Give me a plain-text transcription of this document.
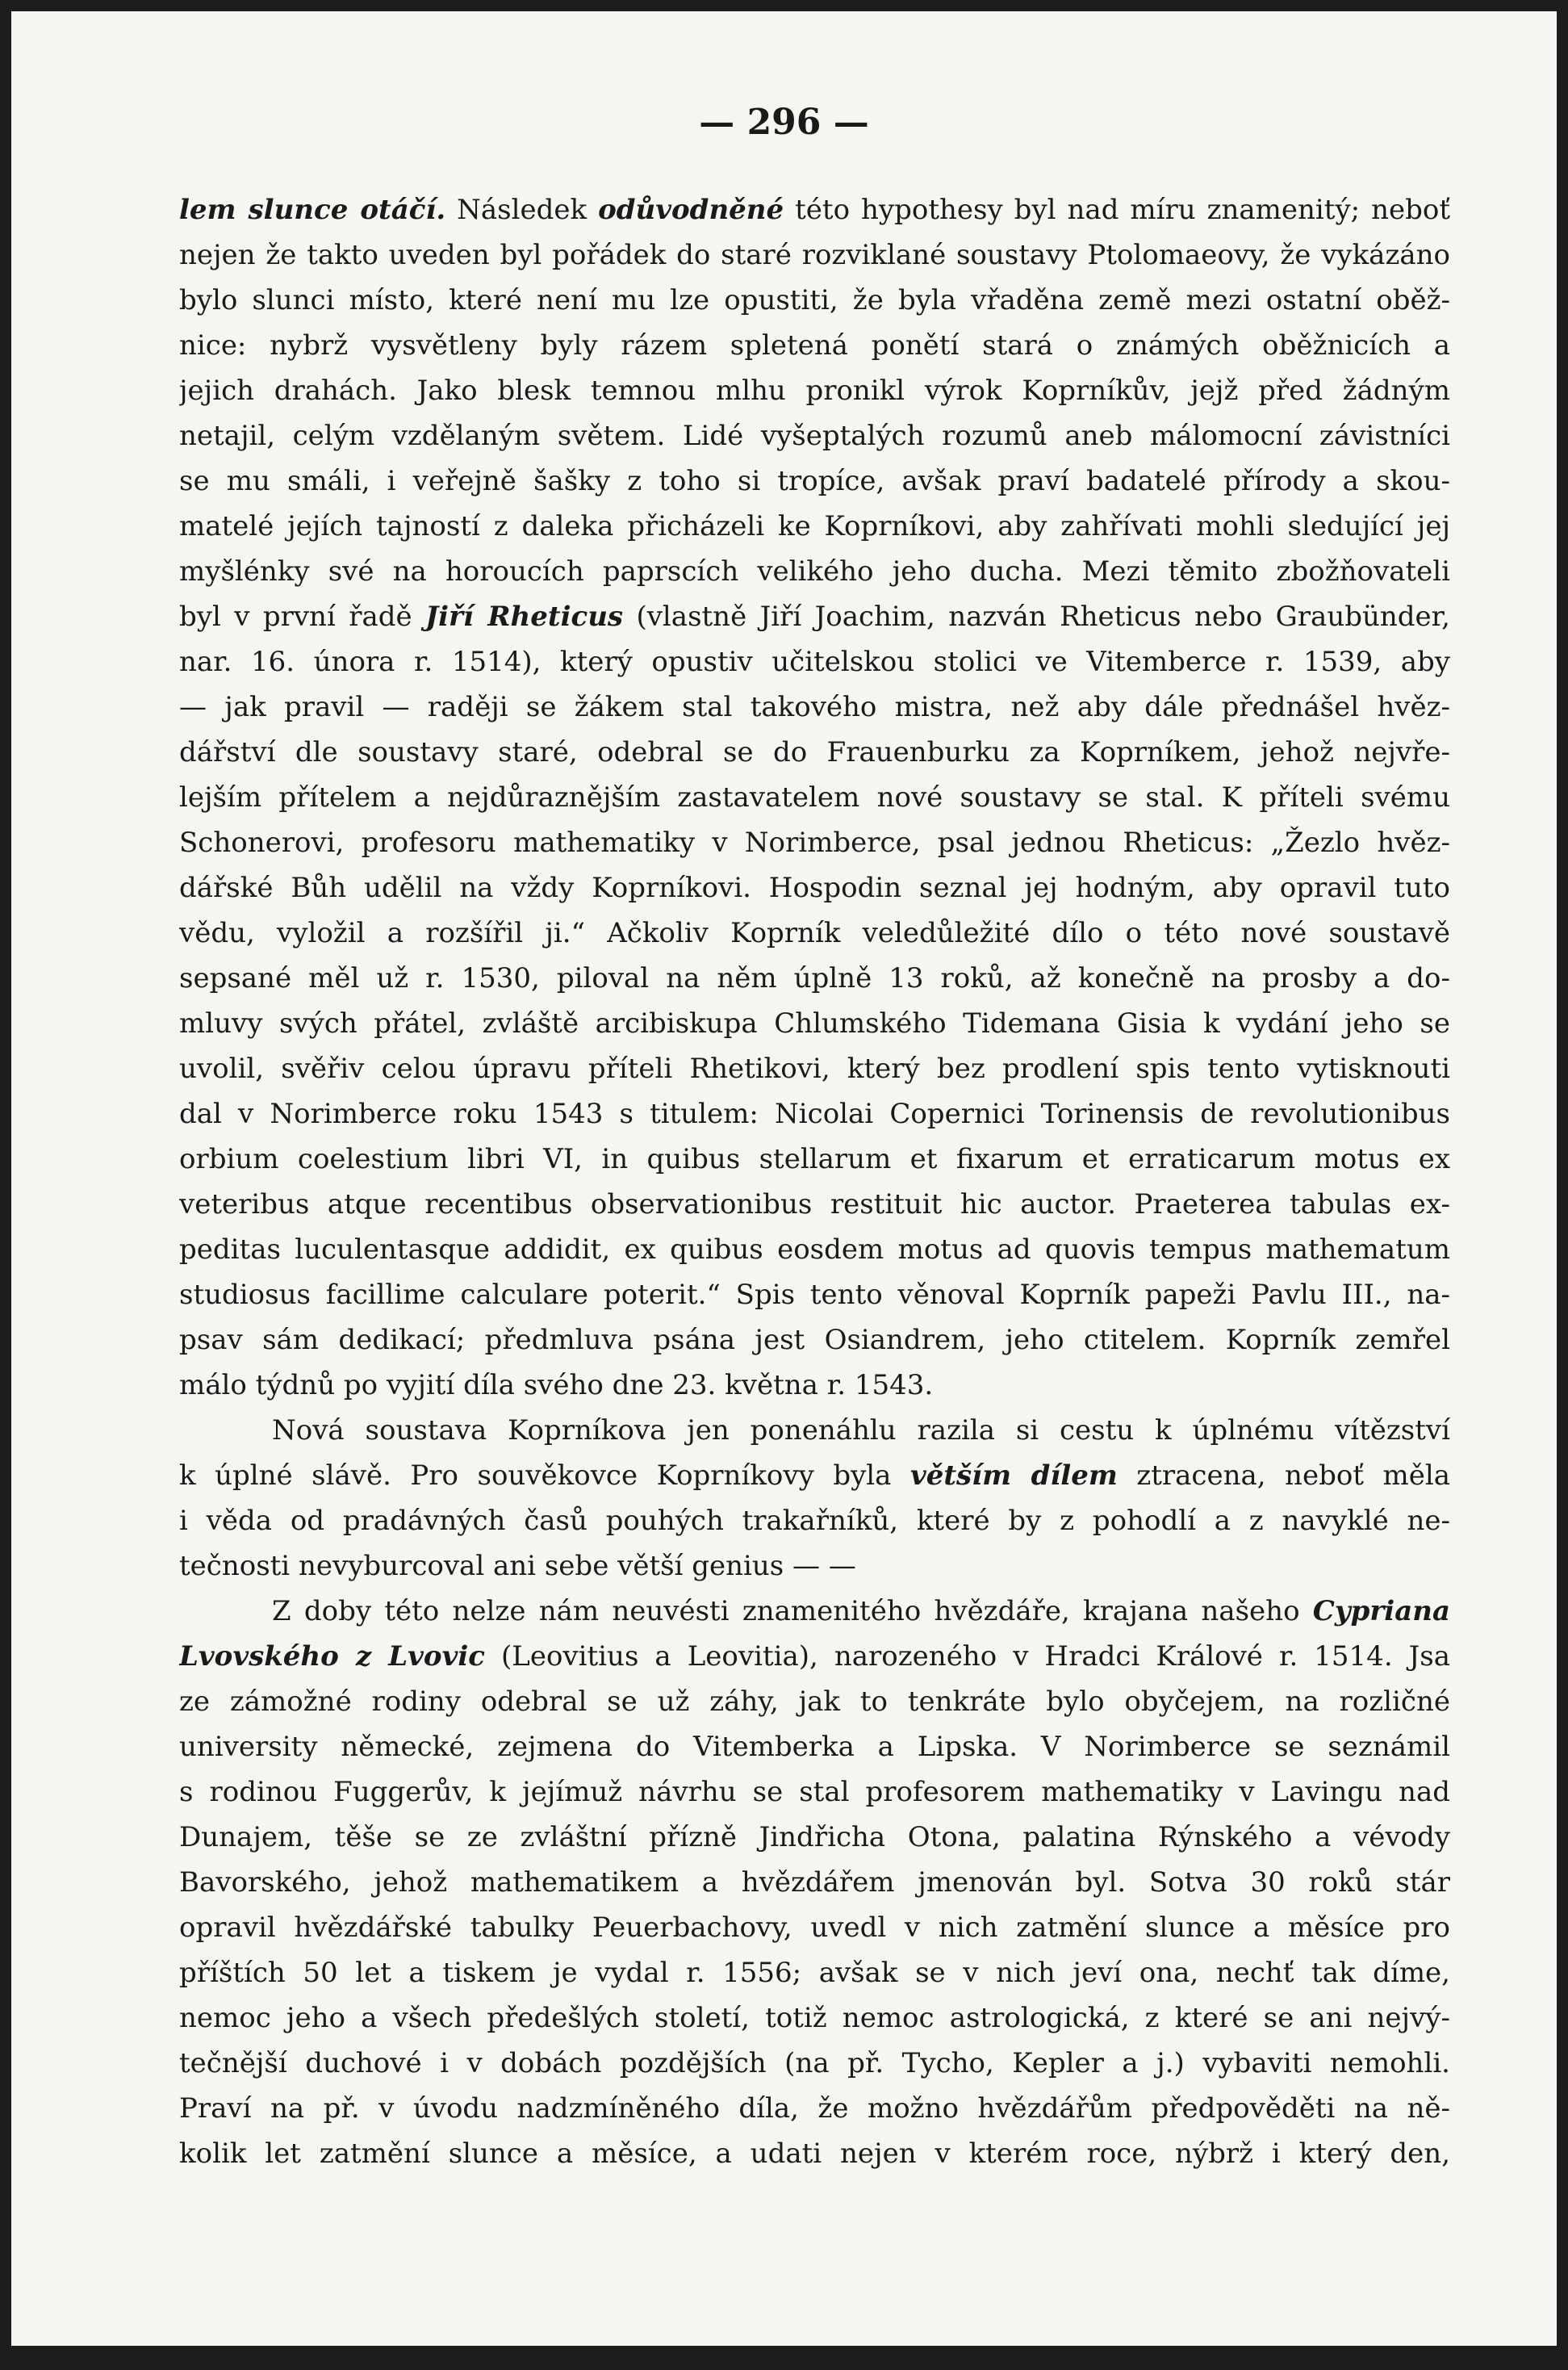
— 296 —
lem slunce otáčí. Následek odůvodněné této hypothesy byl nad míru znamenitý; neboť
nejen že takto uveden byl pořádek do staré rozviklané soustavy Ptolomaeovy, že vykázáno
bylo slunci místo, které není mu lze opustiti, že byla vřaděna země mezi ostatní oběž-
nice: nybrž vysvětleny byly rázem spletená ponětí stará o známých oběžnicích a
jejich drahách. Jako blesk temnou mlhu pronikl výrok Koprníkův, jejž před žádným
netajil, celým vzdělaným světem. Lidé vyšeptalých rozumů aneb málomocní závistníci
se mu smáli, i veřejně šašky z toho si tropíce, avšak praví badatelé přírody a skou-
matelé jejích tajností z daleka přicházeli ke Koprníkovi, aby zahřívati mohli sledující jej
myšlénky své na horoucích paprscích velikého jeho ducha. Mezi těmito zbožňovateli
byl v první řadě Jiří Rheticus (vlastně Jiří Joachim, nazván Rheticus nebo Graubünder,
nar. 16. února r. 1514), který opustiv učitelskou stolici ve Vitemberce r. 1539, aby
— jak pravil — raději se žákem stal takového mistra, než aby dále přednášel hvěz-
dářství dle soustavy staré, odebral se do Frauenburku za Koprníkem, jehož nejvře-
lejším přítelem a nejdůraznějším zastavatelem nové soustavy se stal. K příteli svému
Schonerovi, profesoru mathematiky v Norimberce, psal jednou Rheticus: „Žezlo hvěz-
dářské Bůh udělil na vždy Koprníkovi. Hospodin seznal jej hodným, aby opravil tuto
vědu, vyložil a rozšířil ji.“ Ačkoliv Koprník veledůležité dílo o této nové soustavě
sepsané měl už r. 1530, piloval na něm úplně 13 roků, až konečně na prosby a do-
mluvy svých přátel, zvláště arcibiskupa Chlumského Tidemana Gisia k vydání jeho se
uvolil, svěřiv celou úpravu příteli Rhetikovi, který bez prodlení spis tento vytisknouti
dal v Norimberce roku 1543 s titulem: Nicolai Copernici Torinensis de revolutionibus
orbium coelestium libri VI, in quibus stellarum et fixarum et erraticarum motus ex
veteribus atque recentibus observationibus restituit hic auctor. Praeterea tabulas ex-
peditas luculentasque addidit, ex quibus eosdem motus ad quovis tempus mathematum
studiosus facillime calculare poterit.“ Spis tento věnoval Koprník papeži Pavlu III., na-
psav sám dedikací; předmluva psána jest Osiandrem, jeho ctitelem. Koprník zemřel
málo týdnů po vyjití díla svého dne 23. května r. 1543.
Nová soustava Koprníkova jen ponenáhlu razila si cestu k úplnému vítězství
k úplné slávě. Pro souvěkovce Koprníkovy byla větším dílem ztracena, neboť měla
i věda od pradávných časů pouhých trakařníků, které by z pohodlí a z navyklé ne-
tečnosti nevyburcoval ani sebe větší genius — —
Z doby této nelze nám neuvésti znamenitého hvězdáře, krajana našeho Cypriana
Lvovského z Lvovic (Leovitius a Leovitia), narozeného v Hradci Králové r. 1514. Jsa
ze zámožné rodiny odebral se už záhy, jak to tenkráte bylo obyčejem, na rozličné
university německé, zejmena do Vitemberka a Lipska. V Norimberce se seznámil
s rodinou Fuggerův, k jejímuž návrhu se stal profesorem mathematiky v Lavingu nad
Dunajem, těše se ze zvláštní přízně Jindřicha Otona, palatina Rýnského a vévody
Bavorského, jehož mathematikem a hvězdářem jmenován byl. Sotva 30 roků stár
opravil hvězdářské tabulky Peuerbachovy, uvedl v nich zatmění slunce a měsíce pro
příštích 50 let a tiskem je vydal r. 1556; avšak se v nich jeví ona, nechť tak díme,
nemoc jeho a všech předešlých století, totiž nemoc astrologická, z které se ani nejvý-
tečnější duchové i v dobách pozdějších (na př. Tycho, Kepler a j.) vybaviti nemohli.
Praví na př. v úvodu nadzmíněného díla, že možno hvězdářům předpověděti na ně-
kolik let zatmění slunce a měsíce, a udati nejen v kterém roce, nýbrž i který den,
